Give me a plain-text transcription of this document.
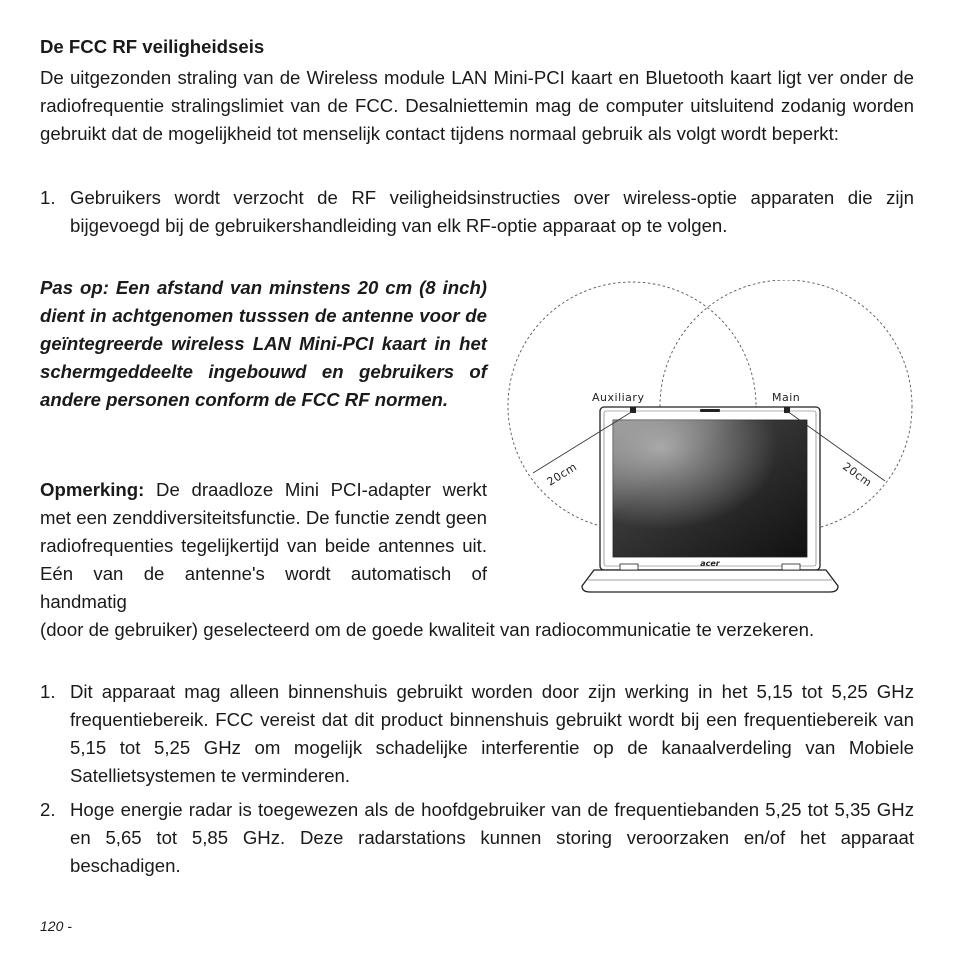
De FCC RF veiligheidseis

De uitgezonden straling van de Wireless module LAN Mini-PCI kaart en Bluetooth kaart ligt ver onder de radiofrequentie stralingslimiet van de FCC. Desalniettemin mag de computer uitsluitend zodanig worden gebruikt dat de mogelijkheid tot menselijk contact tijdens normaal gebruik als volgt wordt beperkt:

1. Gebruikers wordt verzocht de RF veiligheidsinstructies over wireless-optie apparaten die zijn bijgevoegd bij de gebruikershandleiding van elk RF-optie apparaat op te volgen.

Pas op: Een afstand van minstens 20 cm (8 inch) dient in achtgenomen tusssen de antenne voor de geïntegreerde wireless LAN Mini-PCI kaart in het schermgeddeelte ingebouwd en gebruikers of andere personen conform de FCC RF normen.

Opmerking: De draadloze Mini PCI-adapter werkt met een zenddiversiteitsfunctie. De functie zendt geen radiofrequenties tegelijkertijd van beide antennes uit. Eén van de antenne's wordt automatisch of handmatig

(door de gebruiker) geselecteerd om de goede kwaliteit van radiocommunicatie te verzekeren.

1. Dit apparaat mag alleen binnenshuis gebruikt worden door zijn werking in het 5,15 tot 5,25 GHz frequentiebereik. FCC vereist dat dit product binnenshuis gebruikt wordt bij een frequentiebereik van 5,15 tot 5,25 GHz om mogelijk schadelijke interferentie op de kanaalverdeling van Mobiele Satellietsystemen te verminderen.

2. Hoge energie radar is toegewezen als de hoofdgebruiker van de frequentiebanden 5,25 tot 5,35 GHz en 5,65 tot 5,85 GHz. Deze radarstations kunnen storing veroorzaken en/of het apparaat beschadigen.

acer
Auxiliary	Main
20cm	20cm
120 -
